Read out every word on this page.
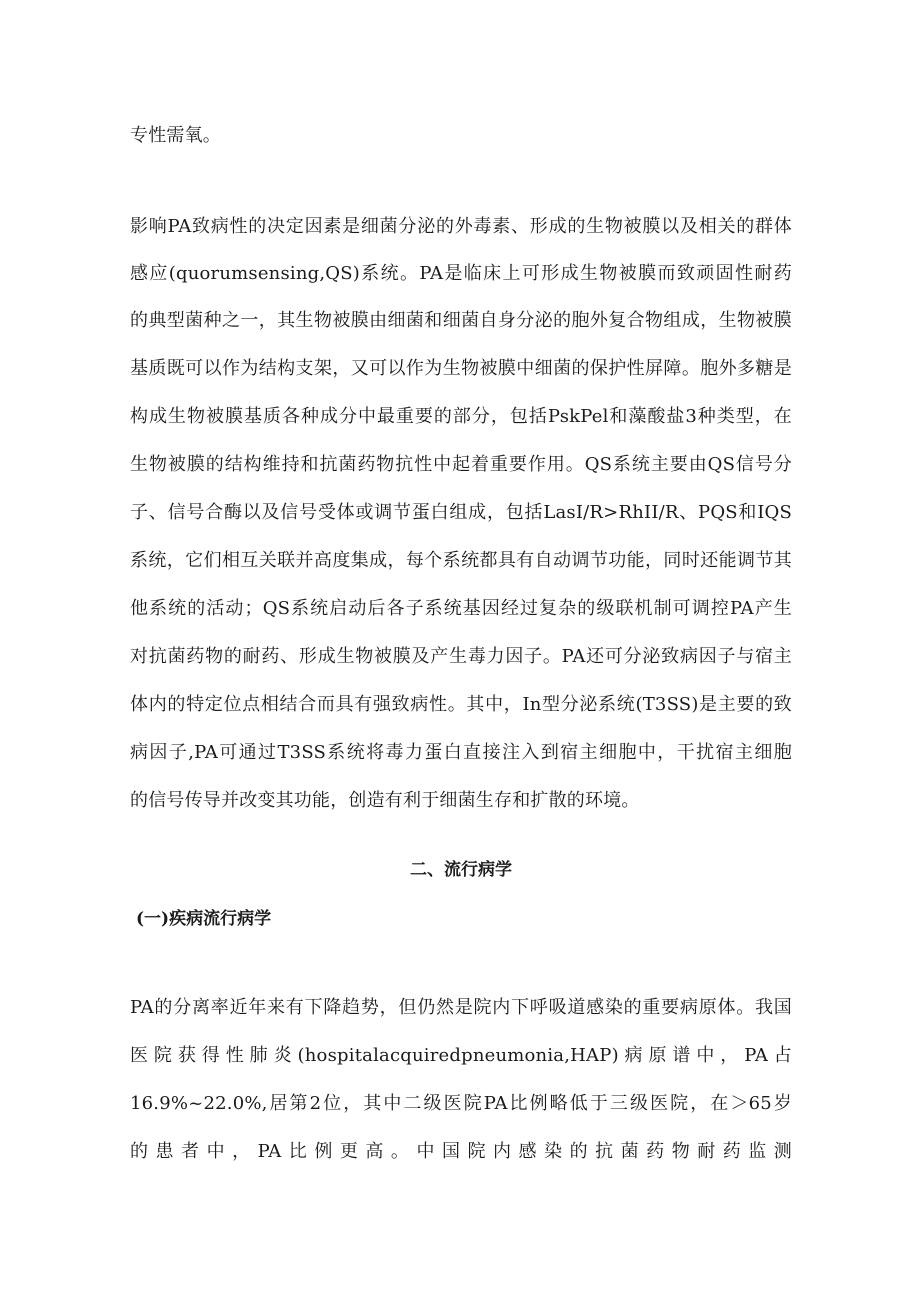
专性需氧。
影响PA致病性的决定因素是细菌分泌的外毒素、形成的生物被膜以及相关的群体
感应(quorumsensing,QS)系统。PA是临床上可形成生物被膜而致顽固性耐药
的典型菌种之一，其生物被膜由细菌和细菌自身分泌的胞外复合物组成，生物被膜
基质既可以作为结构支架，又可以作为生物被膜中细菌的保护性屏障。胞外多糖是
构成生物被膜基质各种成分中最重要的部分，包括PskPel和藻酸盐3种类型，在
生物被膜的结构维持和抗菌药物抗性中起着重要作用。QS系统主要由QS信号分
子、信号合酶以及信号受体或调节蛋白组成，包括LasI/R>RhII/R、PQS和IQS
系统，它们相互关联并高度集成，每个系统都具有自动调节功能，同时还能调节其
他系统的活动；QS系统启动后各子系统基因经过复杂的级联机制可调控PA产生
对抗菌药物的耐药、形成生物被膜及产生毒力因子。PA还可分泌致病因子与宿主
体内的特定位点相结合而具有强致病性。其中，In型分泌系统(T3SS)是主要的致
病因子,PA可通过T3SS系统将毒力蛋白直接注入到宿主细胞中，干扰宿主细胞
的信号传导并改变其功能，创造有利于细菌生存和扩散的环境。
二、流行病学
(一)疾病流行病学
PA的分离率近年来有下降趋势，但仍然是院内下呼吸道感染的重要病原体。我国
医院获得性肺炎(hospitalacquiredpneumonia,HAP)病原谱中，PA占
16.9%~22.0%,居第2位，其中二级医院PA比例略低于三级医院，在＞65岁
的患者中，PA比例更高。中国院内感染的抗菌药物耐药监测
